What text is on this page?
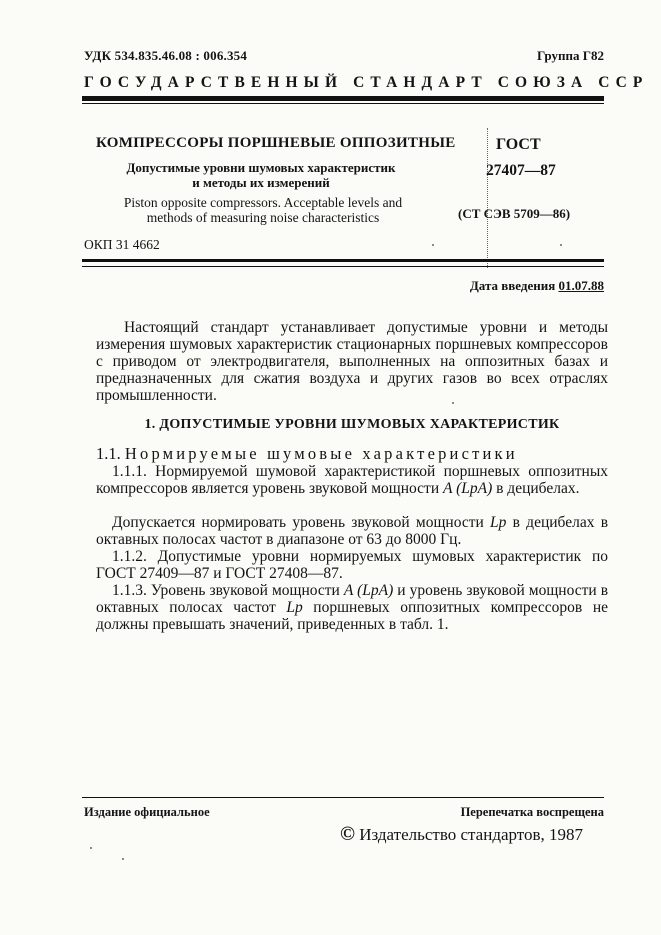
УДК 534.835.46.08 : 006.354	Группа Г82
ГОСУДАРСТВЕННЫЙ СТАНДАРТ СОЮЗА ССР
КОМПРЕССОРЫ ПОРШНЕВЫЕ ОППОЗИТНЫЕ
Допустимые уровни шумовых характеристик
и методы их измерений
Piston opposite compressors. Acceptable levels and
methods of measuring noise characteristics
ОКП 31 4662
ГОСТ
27407—87
(СТ СЭВ 5709—86)
Дата введения 01.07.88
Настоящий стандарт устанавливает допустимые уровни и методы измерения шумовых характеристик стационарных поршневых компрессоров с приводом от электродвигателя, выполненных на оппозитных базах и предназначенных для сжатия воздуха и других газов во всех отраслях промышленности.
1. ДОПУСТИМЫЕ УРОВНИ ШУМОВЫХ ХАРАКТЕРИСТИК
1.1. Нормируемые шумовые характеристики
1.1.1. Нормируемой шумовой характеристикой поршневых оппозитных компрессоров является уровень звуковой мощности A (LpA) в децибелах.
Допускается нормировать уровень звуковой мощности Lp в децибелах в октавных полосах частот в диапазоне от 63 до 8000 Гц.
1.1.2. Допустимые уровни нормируемых шумовых характеристик по ГОСТ 27409—87 и ГОСТ 27408—87.
1.1.3. Уровень звуковой мощности A (LpA) и уровень звуковой мощности в октавных полосах частот Lp поршневых оппозитных компрессоров не должны превышать значений, приведенных в табл. 1.
Издание официальное	Перепечатка воспрещена
© Издательство стандартов, 1987
